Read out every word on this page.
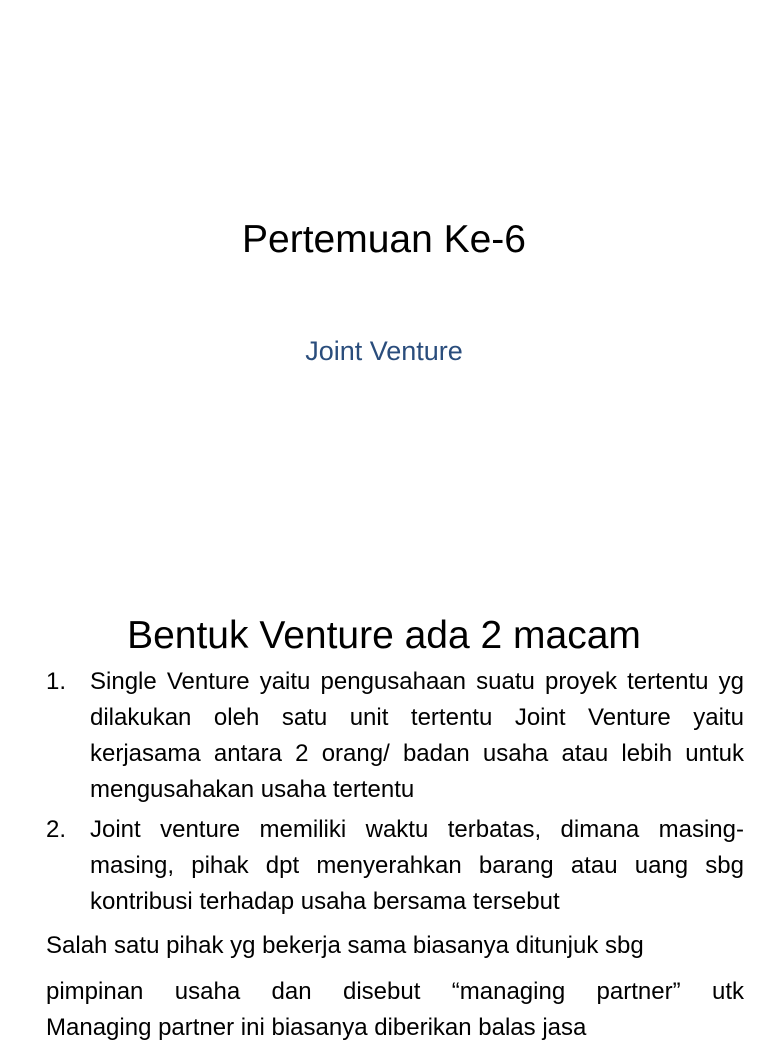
Pertemuan Ke-6

Joint Venture

Bentuk Venture ada 2 macam
1. Single Venture yaitu pengusahaan suatu proyek tertentu yg dilakukan oleh satu unit tertentu Joint Venture yaitu kerjasama antara 2 orang/ badan usaha atau lebih untuk mengusahakan usaha tertentu
2. Joint venture memiliki waktu terbatas, dimana masing-masing, pihak dpt menyerahkan barang atau uang sbg kontribusi terhadap usaha bersama tersebut

Salah satu pihak yg bekerja sama biasanya ditunjuk sbg

pimpinan usaha dan disebut “managing partner” utk

Managing partner ini biasanya diberikan balas jasa
